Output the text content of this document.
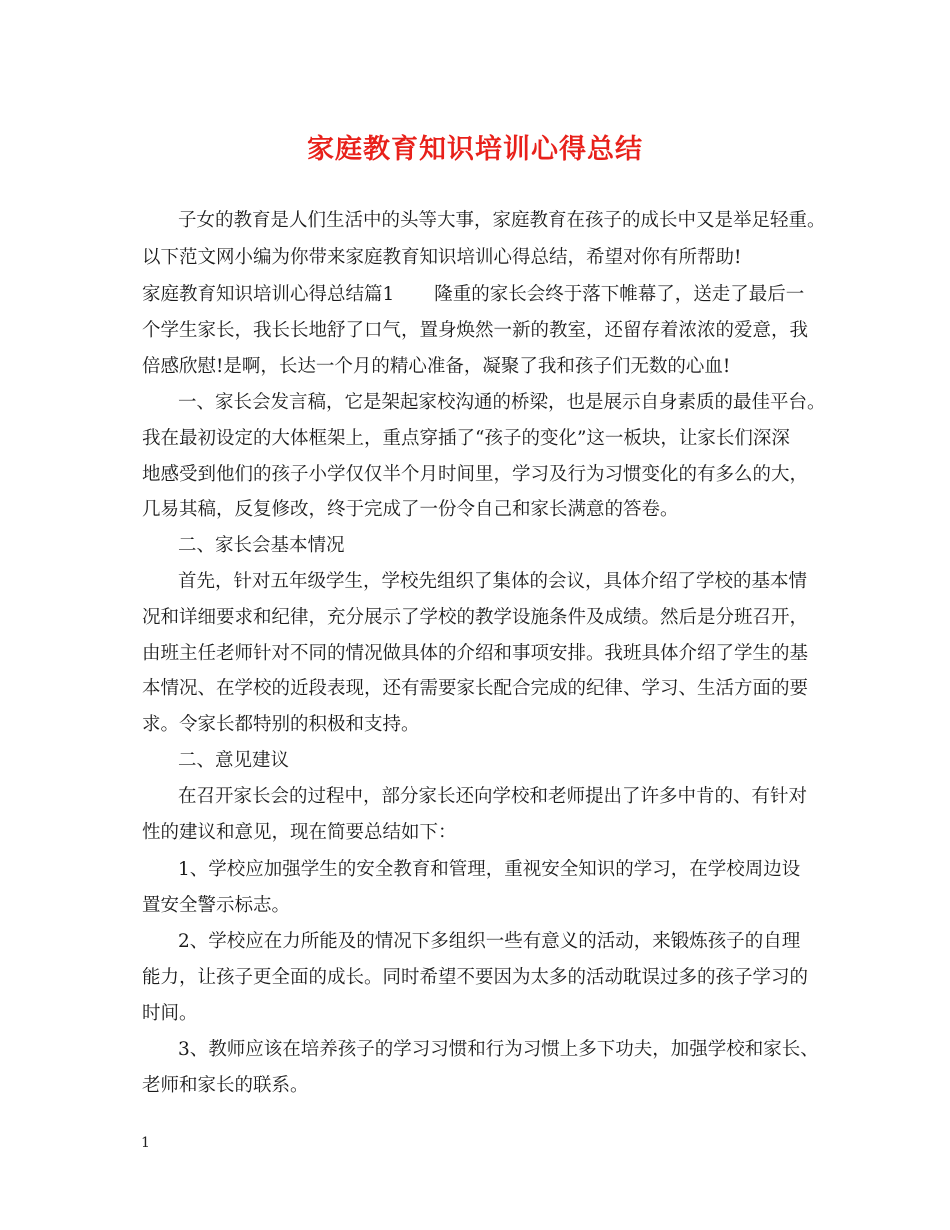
家庭教育知识培训心得总结
子女的教育是人们生活中的头等大事，家庭教育在孩子的成长中又是举足轻重。
以下范文网小编为你带来家庭教育知识培训心得总结，希望对你有所帮助!
家庭教育知识培训心得总结篇1 隆重的家长会终于落下帷幕了，送走了最后一
个学生家长，我长长地舒了口气，置身焕然一新的教室，还留存着浓浓的爱意，我
倍感欣慰!是啊，长达一个月的精心准备，凝聚了我和孩子们无数的心血!
一、家长会发言稿，它是架起家校沟通的桥梁，也是展示自身素质的最佳平台。
我在最初设定的大体框架上，重点穿插了“孩子的变化”这一板块，让家长们深深
地感受到他们的孩子小学仅仅半个月时间里，学习及行为习惯变化的有多么的大，
几易其稿，反复修改，终于完成了一份令自己和家长满意的答卷。
二、家长会基本情况
首先，针对五年级学生，学校先组织了集体的会议，具体介绍了学校的基本情
况和详细要求和纪律，充分展示了学校的教学设施条件及成绩。然后是分班召开，
由班主任老师针对不同的情况做具体的介绍和事项安排。我班具体介绍了学生的基
本情况、在学校的近段表现，还有需要家长配合完成的纪律、学习、生活方面的要
求。令家长都特别的积极和支持。
二、意见建议
在召开家长会的过程中，部分家长还向学校和老师提出了许多中肯的、有针对
性的建议和意见，现在简要总结如下：
1、学校应加强学生的安全教育和管理，重视安全知识的学习，在学校周边设
置安全警示标志。
2、学校应在力所能及的情况下多组织一些有意义的活动，来锻炼孩子的自理
能力，让孩子更全面的成长。同时希望不要因为太多的活动耽误过多的孩子学习的
时间。
3、教师应该在培养孩子的学习习惯和行为习惯上多下功夫，加强学校和家长、
老师和家长的联系。
1
